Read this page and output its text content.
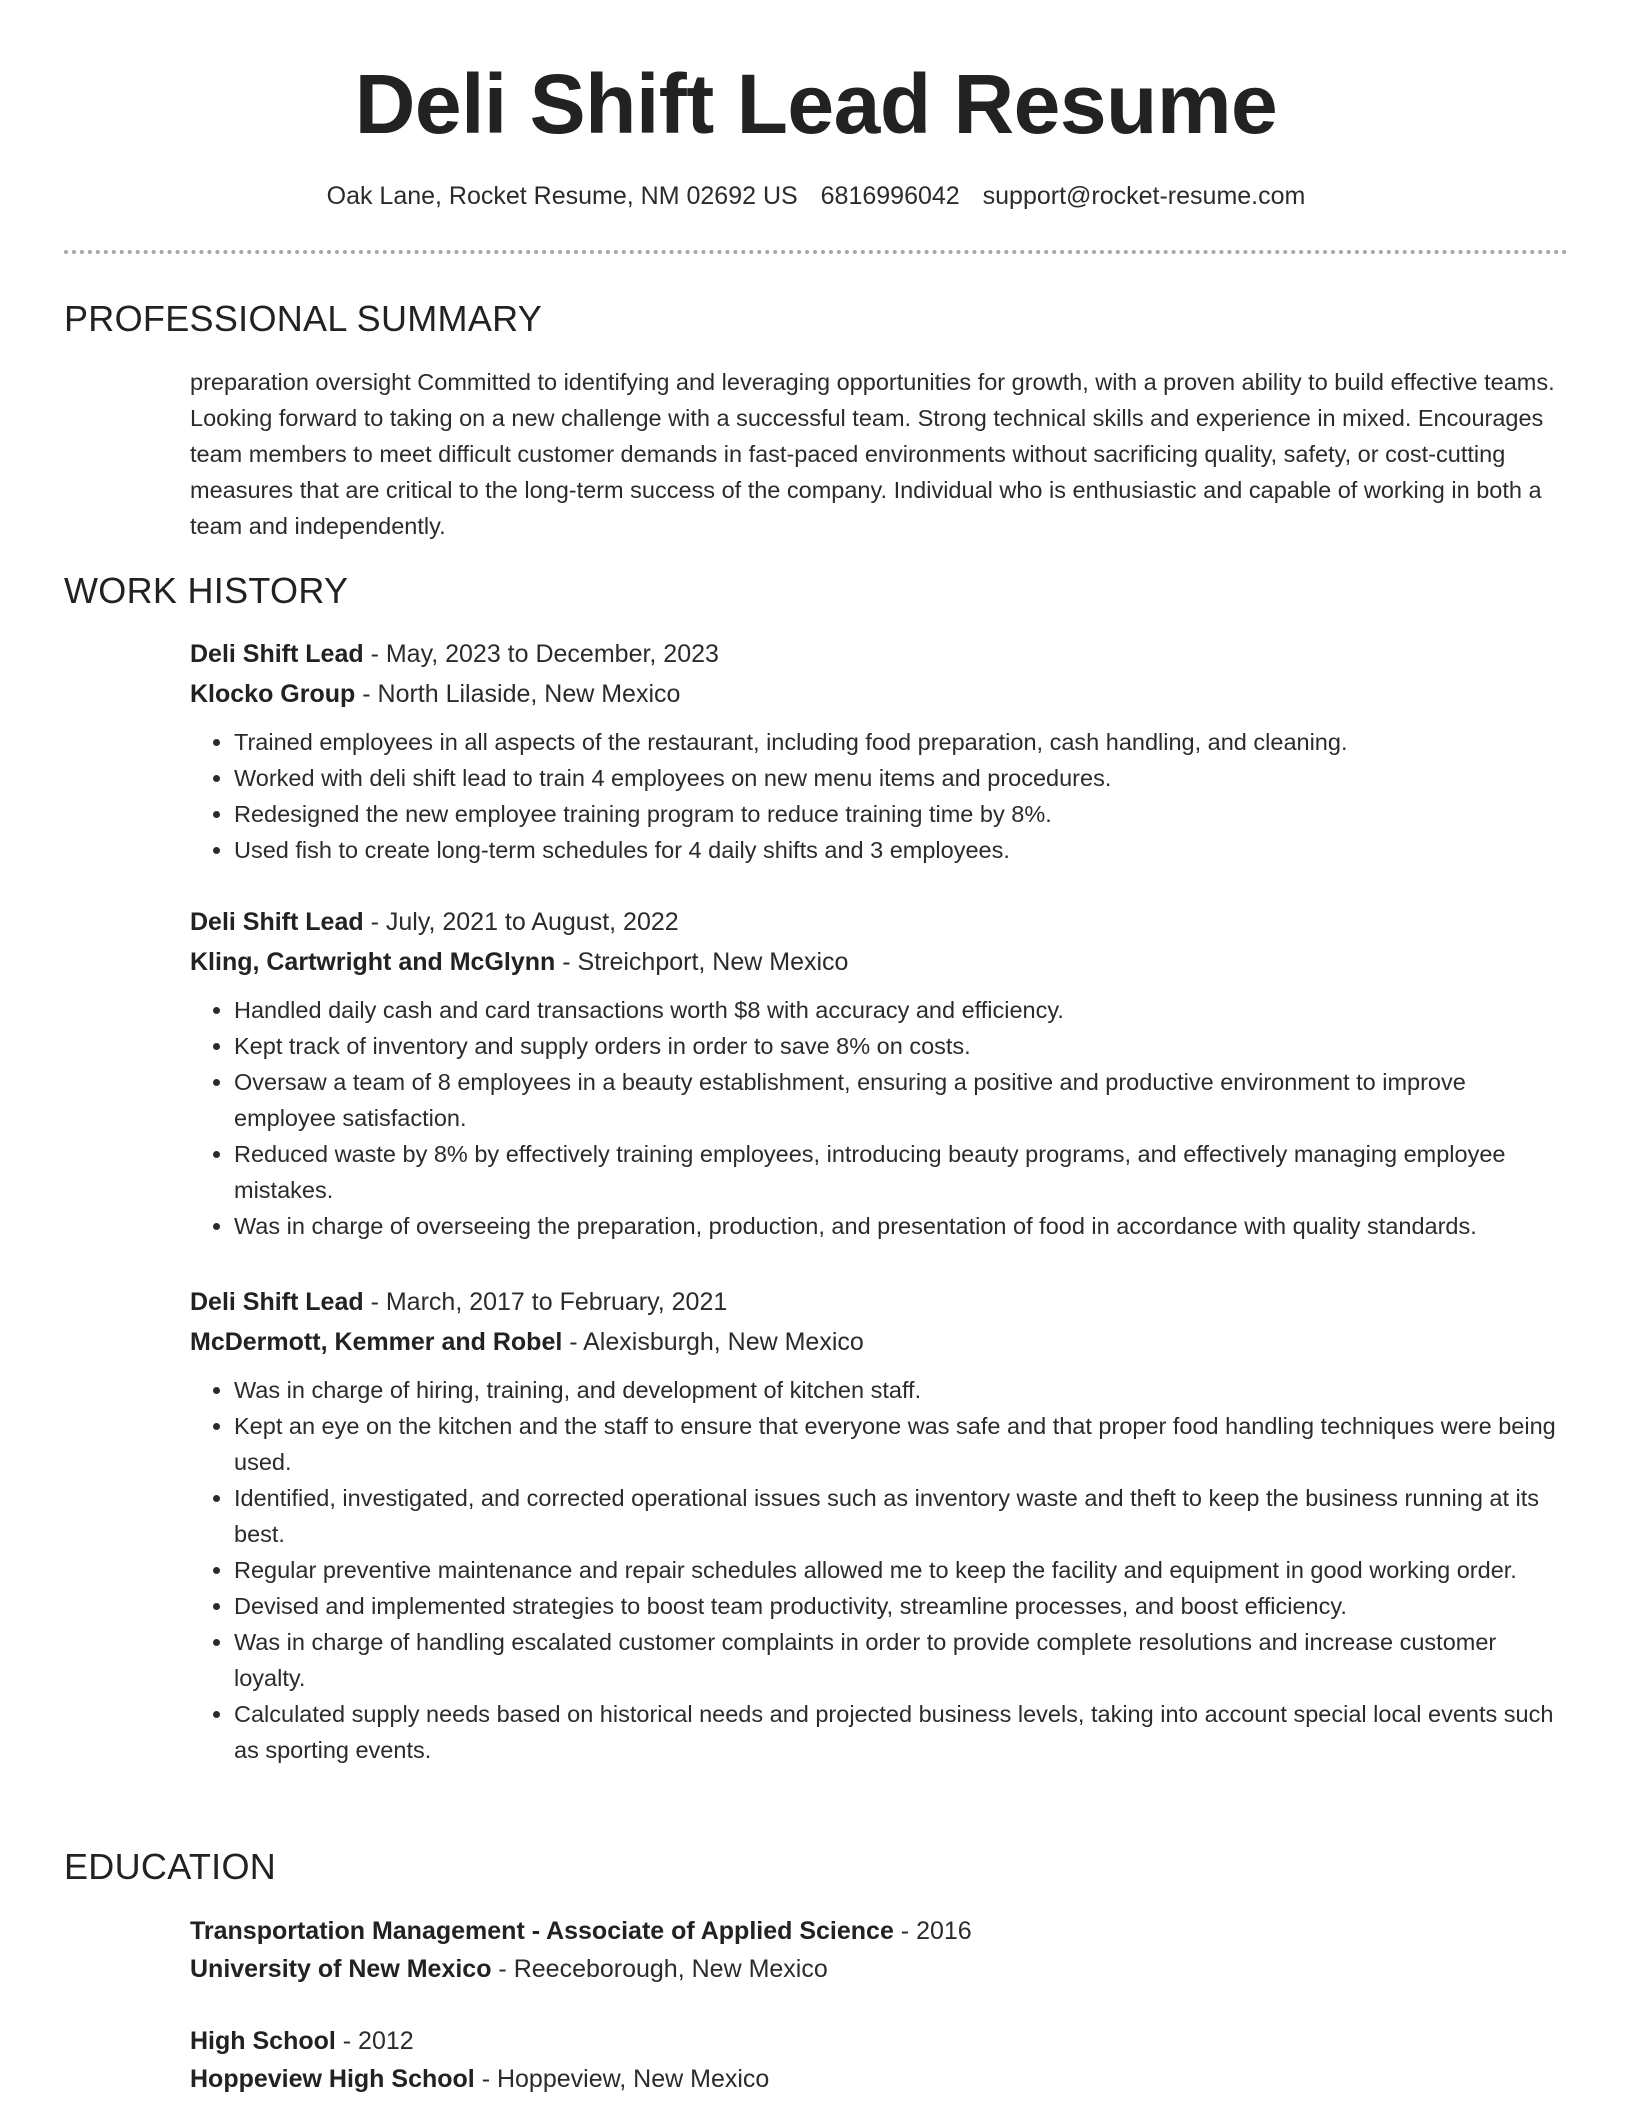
Deli Shift Lead Resume
Oak Lane, Rocket Resume, NM 02692 US 6816996042 support@rocket-resume.com
PROFESSIONAL SUMMARY
preparation oversight Committed to identifying and leveraging opportunities for growth, with a proven ability to build effective teams. Looking forward to taking on a new challenge with a successful team. Strong technical skills and experience in mixed. Encourages team members to meet difficult customer demands in fast-paced environments without sacrificing quality, safety, or cost-cutting measures that are critical to the long-term success of the company. Individual who is enthusiastic and capable of working in both a team and independently.
WORK HISTORY
Deli Shift Lead - May, 2023 to December, 2023
Klocko Group - North Lilaside, New Mexico
• Trained employees in all aspects of the restaurant, including food preparation, cash handling, and cleaning.
• Worked with deli shift lead to train 4 employees on new menu items and procedures.
• Redesigned the new employee training program to reduce training time by 8%.
• Used fish to create long-term schedules for 4 daily shifts and 3 employees.
Deli Shift Lead - July, 2021 to August, 2022
Kling, Cartwright and McGlynn - Streichport, New Mexico
• Handled daily cash and card transactions worth $8 with accuracy and efficiency.
• Kept track of inventory and supply orders in order to save 8% on costs.
• Oversaw a team of 8 employees in a beauty establishment, ensuring a positive and productive environment to improve employee satisfaction.
• Reduced waste by 8% by effectively training employees, introducing beauty programs, and effectively managing employee mistakes.
• Was in charge of overseeing the preparation, production, and presentation of food in accordance with quality standards.
Deli Shift Lead - March, 2017 to February, 2021
McDermott, Kemmer and Robel - Alexisburgh, New Mexico
• Was in charge of hiring, training, and development of kitchen staff.
• Kept an eye on the kitchen and the staff to ensure that everyone was safe and that proper food handling techniques were being used.
• Identified, investigated, and corrected operational issues such as inventory waste and theft to keep the business running at its best.
• Regular preventive maintenance and repair schedules allowed me to keep the facility and equipment in good working order.
• Devised and implemented strategies to boost team productivity, streamline processes, and boost efficiency.
• Was in charge of handling escalated customer complaints in order to provide complete resolutions and increase customer loyalty.
• Calculated supply needs based on historical needs and projected business levels, taking into account special local events such as sporting events.
EDUCATION
Transportation Management - Associate of Applied Science - 2016
University of New Mexico - Reeceborough, New Mexico
High School - 2012
Hoppeview High School - Hoppeview, New Mexico
